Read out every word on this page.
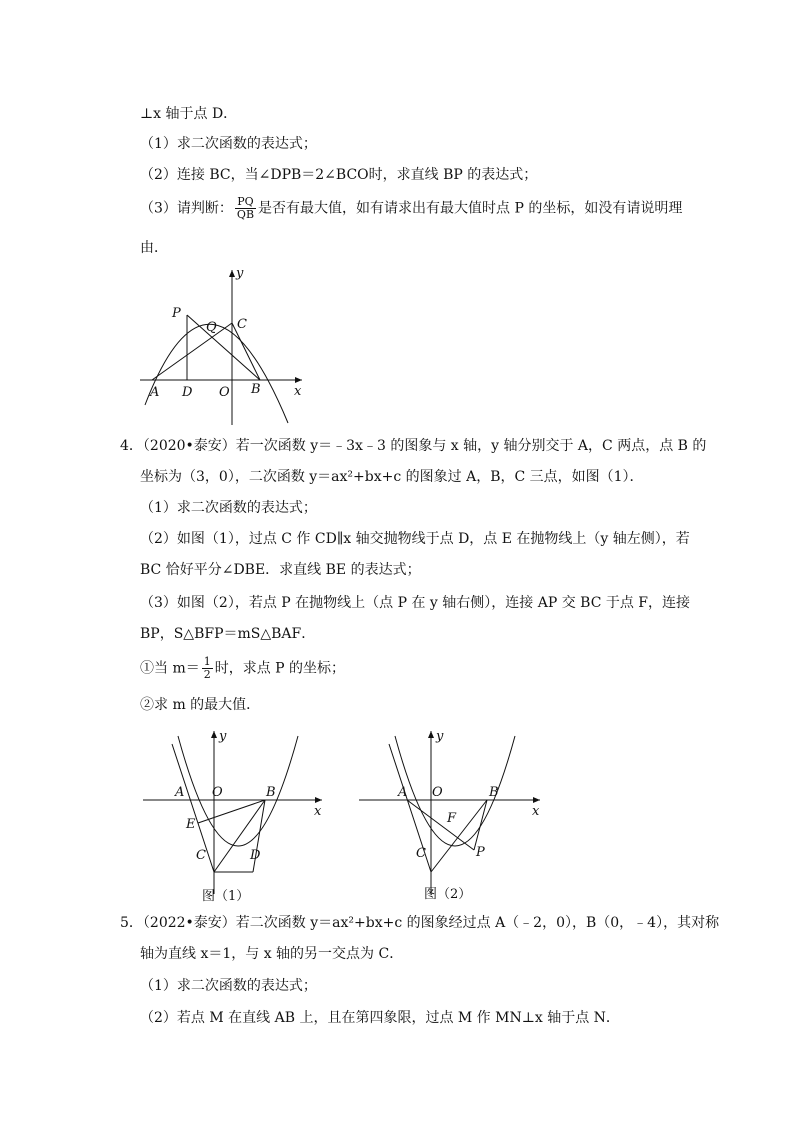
⊥x 轴于点 D．
（1）求二次函数的表达式；
（2）连接 BC，当∠DPB＝2∠BCO时，求直线 BP 的表达式；
（3）请判断： $\frac{PQ}{QB}$ 是否有最大值，如有请求出有最大值时点 P 的坐标，如没有请说明理
由．
y
x
P
Q C
A D O B
4．（2020•泰安）若一次函数 y＝﹣3x﹣3 的图象与 x 轴，y 轴分别交于 A，C 两点，点 B 的
坐标为（3，0），二次函数 y＝ax²+bx+c 的图象过 A，B，C 三点，如图（1）．
（1）求二次函数的表达式；
（2）如图（1），过点 C 作 CD∥x 轴交抛物线于点 D，点 E 在抛物线上（y 轴左侧），若
BC 恰好平分∠DBE．求直线 BE 的表达式；
（3）如图（2），若点 P 在抛物线上（点 P 在 y 轴右侧），连接 AP 交 BC 于点 F，连接
BP，S△BFP＝mS△BAF．
①当 $m= \frac{1}{2}$ 时，求点 P 的坐标；
②求 m 的最大值．
y
x
A O	B
E
C	D
图（1）
y
x
A O	B
F
C	P
图（2）
5．（2022•泰安）若二次函数 y＝ax²+bx+c 的图象经过点 A（﹣2，0），B（0，﹣4），其对称
轴为直线 x＝1，与 x 轴的另一交点为 C．
（1）求二次函数的表达式；
（2）若点 M 在直线 AB 上，且在第四象限，过点 M 作 MN⊥x 轴于点 N．
